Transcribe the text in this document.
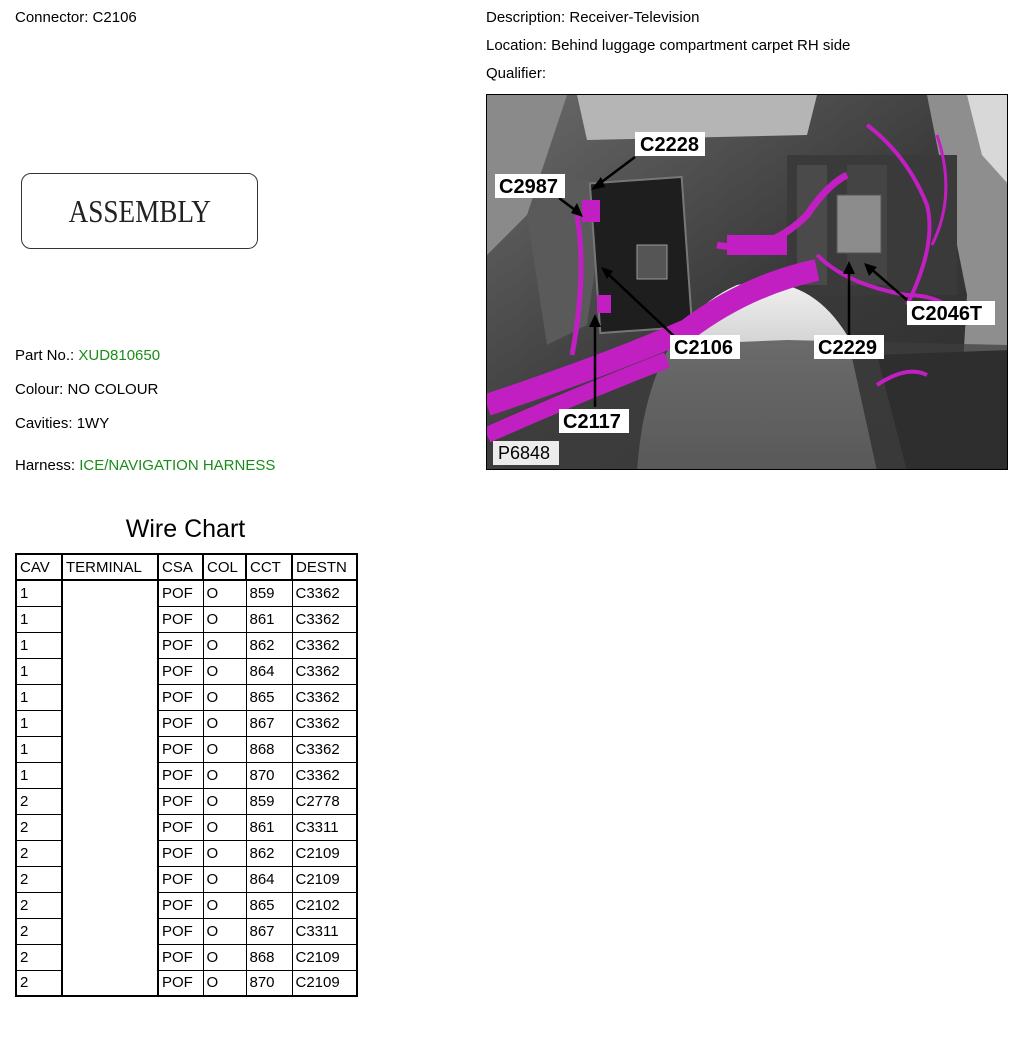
Connector: C2106	Description: Receiver-Television
Location: Behind luggage compartment carpet RH side
Qualifier:
ASSEMBLY
Part No.: XUD810650
Colour: NO COLOUR
Cavities: 1WY
Harness: ICE/NAVIGATION HARNESS
Wire Chart
CAV	TERMINAL	CSA	COL	CCT	DESTN
1		POF	O	859	C3362
1		POF	O	861	C3362
1		POF	O	862	C3362
1		POF	O	864	C3362
1		POF	O	865	C3362
1		POF	O	867	C3362
1		POF	O	868	C3362
1		POF	O	870	C3362
2		POF	O	859	C2778
2		POF	O	861	C3311
2		POF	O	862	C2109
2		POF	O	864	C2109
2		POF	O	865	C2102
2		POF	O	867	C3311
2		POF	O	868	C2109
2		POF	O	870	C2109
C2228
C2987
C2106
C2117
C2229
C2046T
P6848
